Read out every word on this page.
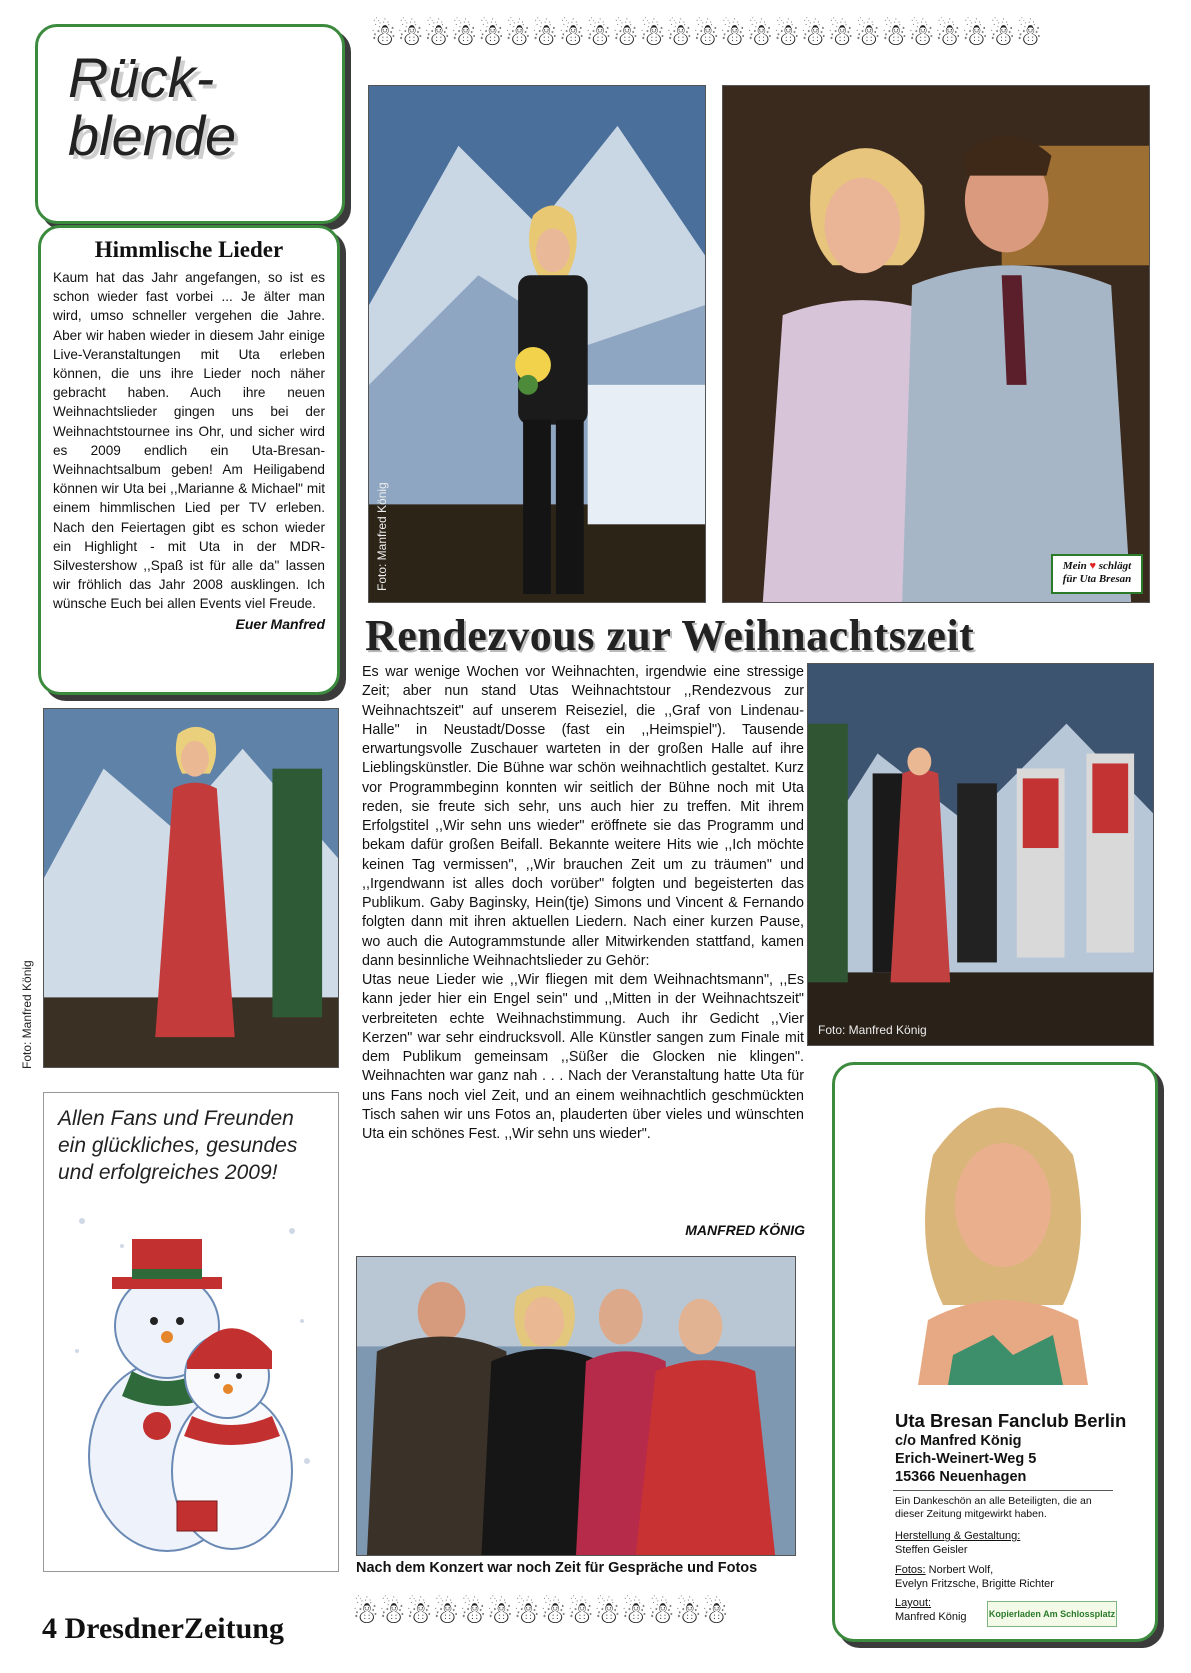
☃☃☃☃☃☃☃☃☃☃☃☃☃☃☃☃☃☃☃☃☃☃☃☃☃
Rück-
blende
Himmlische Lieder
Kaum hat das Jahr angefangen, so ist es schon wieder fast vorbei ... Je älter man wird, umso schneller vergehen die Jahre. Aber wir haben wieder in diesem Jahr einige Live-Veranstaltungen mit Uta erleben können, die uns ihre Lieder noch näher gebracht haben. Auch ihre neuen Weihnachtslieder gingen uns bei der Weihnachtstournee ins Ohr, und sicher wird es 2009 endlich ein Uta-Bresan-Weihnachtsalbum geben! Am Heiligabend können wir Uta bei ,,Marianne & Michael" mit einem himmlischen Lied per TV erleben. Nach den Feiertagen gibt es schon wieder ein Highlight - mit Uta in der MDR-Silvestershow ,,Spaß ist für alle da" lassen wir fröhlich das Jahr 2008 ausklingen. Ich wünsche Euch bei allen Events viel Freude.
Euer Manfred
Foto: Manfred König	Mein ♥ schlägt
für Uta Bresan
Rendezvous zur Weihnachtszeit
Foto: Manfred König
Es war wenige Wochen vor Weihnachten, irgendwie eine stressige Zeit; aber nun stand Utas Weihnachtstour ,,Rendezvous zur Weihnachtszeit" auf unserem Reiseziel, die ,,Graf von Lindenau-Halle" in Neustadt/Dosse (fast ein ,,Heimspiel"). Tausende erwartungsvolle Zuschauer warteten in der großen Halle auf ihre Lieblingskünstler. Die Bühne war schön weihnachtlich gestaltet. Kurz vor Programmbeginn konnten wir seitlich der Bühne noch mit Uta reden, sie freute sich sehr, uns auch hier zu treffen. Mit ihrem Erfolgstitel ,,Wir sehn uns wieder" eröffnete sie das Programm und bekam dafür großen Beifall. Bekannte weitere Hits wie ,,Ich möchte keinen Tag vermissen", ,,Wir brauchen Zeit um zu träumen" und ,,Irgendwann ist alles doch vorüber" folgten und begeisterten das Publikum. Gaby Baginsky, Hein(tje) Simons und Vincent & Fernando folgten dann mit ihren aktuellen Liedern. Nach einer kurzen Pause, wo auch die Autogrammstunde aller Mitwirkenden stattfand, kamen dann besinnliche Weihnachtslieder zu Gehör:
Utas neue Lieder wie ,,Wir fliegen mit dem Weihnachtsmann", ,,Es kann jeder hier ein Engel sein" und ,,Mitten in der Weihnachtszeit" verbreiteten echte Weihnachstimmung. Auch ihr Gedicht ,,Vier Kerzen" war sehr eindrucksvoll. Alle Künstler sangen zum Finale mit dem Publikum gemeinsam ,,Süßer die Glocken nie klingen". Weihnachten war ganz nah . . . Nach der Veranstaltung hatte Uta für uns Fans noch viel Zeit, und an einem weihnachtlich geschmückten Tisch sahen wir uns Fotos an, plauderten über vieles und wünschten Uta ein schönes Fest. ,,Wir sehn uns wieder".
MANFRED KÖNIG
Foto: Manfred König
Allen Fans und Freunden ein glückliches, gesundes und erfolgreiches 2009!
Nach dem Konzert war noch Zeit für Gespräche und Fotos
Uta Bresan Fanclub Berlin
c/o Manfred König
Erich-Weinert-Weg 5
15366 Neuenhagen
Ein Dankeschön an alle Beteiligten, die an dieser Zeitung mitgewirkt haben.
Herstellung & Gestaltung:
Steffen Geisler
Fotos: Norbert Wolf,
Evelyn Fritzsche, Brigitte Richter
Layout:
Manfred König Kopierladen Am Schlossplatz
4 DresdnerZeitung ☃☃☃☃☃☃☃☃☃☃☃☃☃☃
